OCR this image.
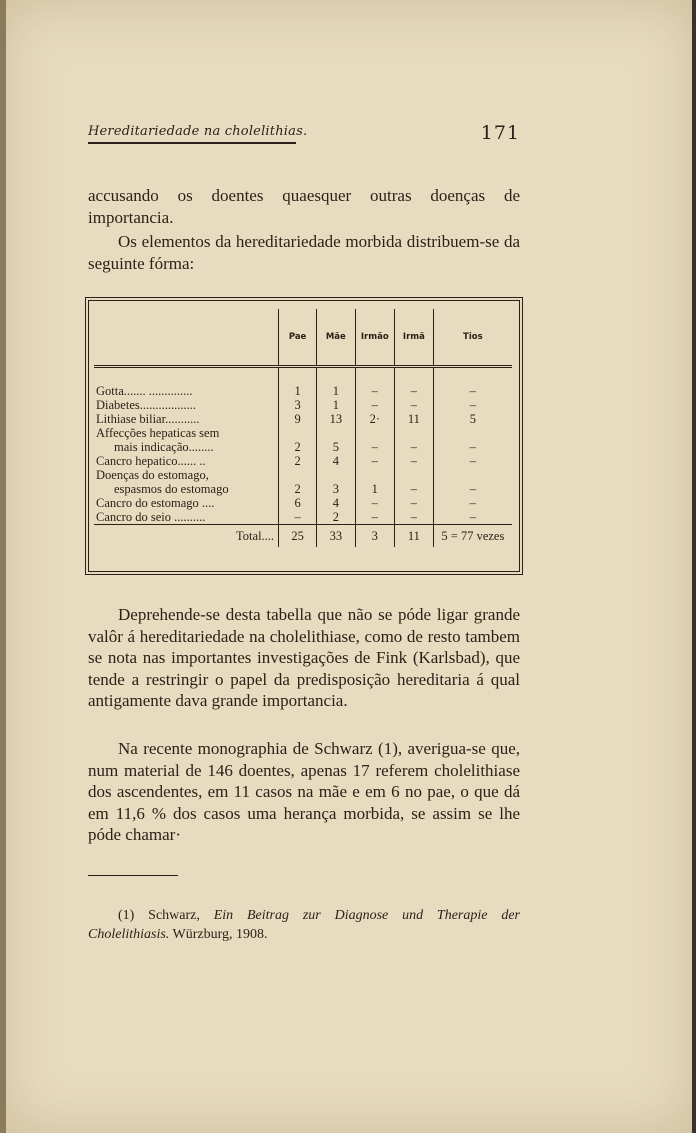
Hereditariedade na cholelithias.	171

accusando os doentes quaesquer outras doenças de importancia.

Os elementos da hereditariedade morbida distribuem-se da seguinte fórma:

	Pae	Mãe	Irmão	Irmã	Tios

Gotta....... ..............	1	1	–	–	–
Diabetes..................	3	1	–	–	–
Lithiase biliar...........	9	13	2·	11	5
Affecções hepaticas sem					
mais indicação........	2	5	–	–	–
Cancro hepatico...... ..	2	4	–	–	–
Doenças do estomago,					
espasmos do estomago	2	3	1	–	–
Cancro do estomago ....	6	4	–	–	–
Cancro do seio ..........	–	2	–	–	–
Total....	25	33	3	11	5 = 77 vezes

Deprehende-se desta tabella que não se póde ligar grande valôr á hereditariedade na cholelithiase, como de resto tambem se nota nas importantes investigações de Fink (Karlsbad), que tende a restringir o papel da predisposição hereditaria á qual antigamente dava grande importancia.

Na recente monographia de Schwarz (1), averigua-se que, num material de 146 doentes, apenas 17 referem cholelithiase dos ascendentes, em 11 casos na mãe e em 6 no pae, o que dá em 11,6 % dos casos uma herança morbida, se assim se lhe póde chamar·

(1) Schwarz, Ein Beitrag zur Diagnose und Therapie der Cholelithiasis. Würzburg, 1908.
